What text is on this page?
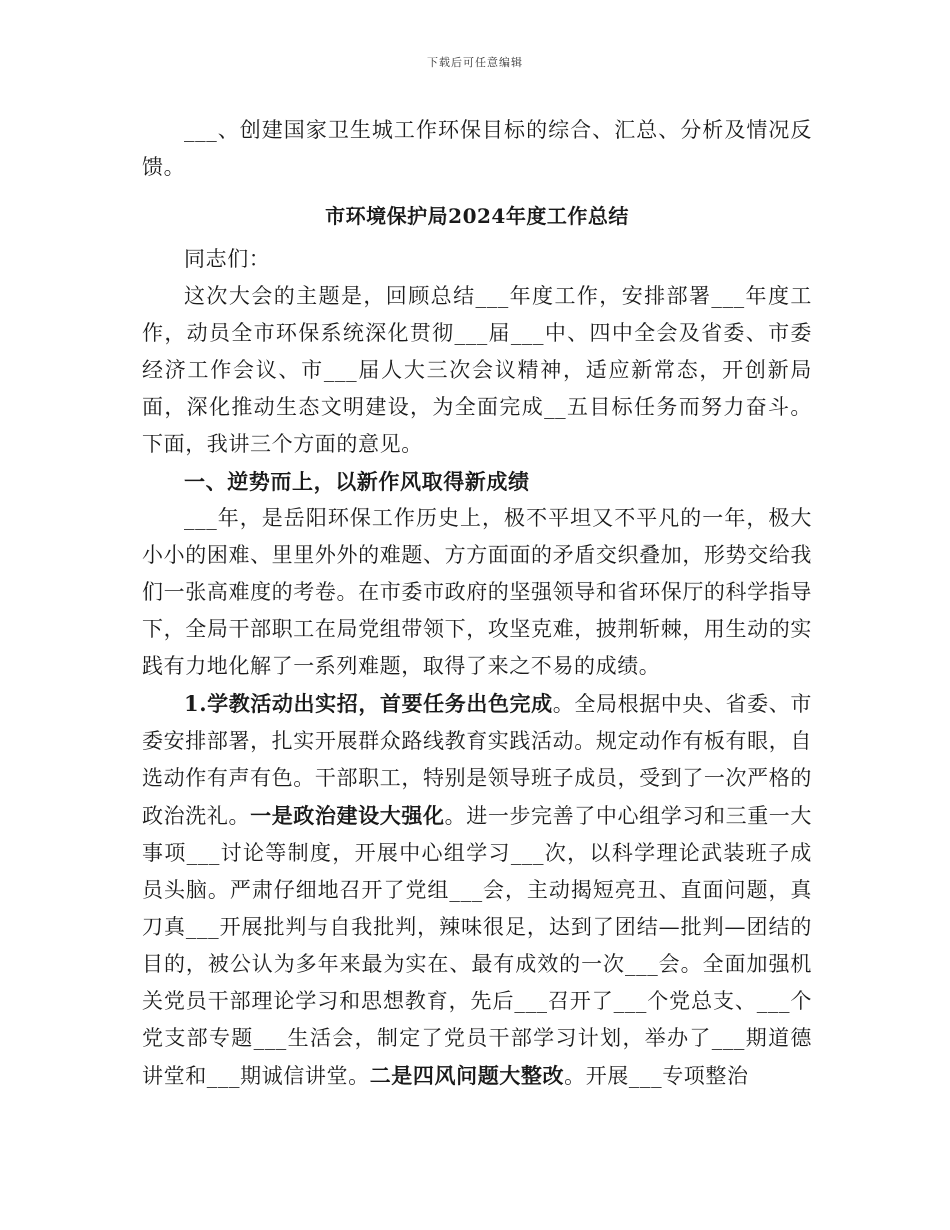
下载后可任意编辑

___、创建国家卫生城工作环保目标的综合、汇总、分析及情况反馈。

市环境保护局2024年度工作总结

同志们：

这次大会的主题是，回顾总结___年度工作，安排部署___年度工作，动员全市环保系统深化贯彻___届___中、四中全会及省委、市委经济工作会议、市___届人大三次会议精神，适应新常态，开创新局面，深化推动生态文明建设，为全面完成__五目标任务而努力奋斗。下面，我讲三个方面的意见。

一、逆势而上，以新作风取得新成绩

___年，是岳阳环保工作历史上，极不平坦又不平凡的一年，极大小小的困难、里里外外的难题、方方面面的矛盾交织叠加，形势交给我们一张高难度的考卷。在市委市政府的坚强领导和省环保厅的科学指导下，全局干部职工在局党组带领下，攻坚克难，披荆斩棘，用生动的实践有力地化解了一系列难题，取得了来之不易的成绩。

1.学教活动出实招，首要任务出色完成。全局根据中央、省委、市委安排部署，扎实开展群众路线教育实践活动。规定动作有板有眼，自选动作有声有色。干部职工，特别是领导班子成员，受到了一次严格的政治洗礼。一是政治建设大强化。进一步完善了中心组学习和三重一大事项___讨论等制度，开展中心组学习___次，以科学理论武装班子成员头脑。严肃仔细地召开了党组___会，主动揭短亮丑、直面问题，真刀真___开展批判与自我批判，辣味很足，达到了团结—批判—团结的目的，被公认为多年来最为实在、最有成效的一次___会。全面加强机关党员干部理论学习和思想教育，先后___召开了___个党总支、___个党支部专题___生活会，制定了党员干部学习计划，举办了___期道德讲堂和___期诚信讲堂。二是四风问题大整改。开展___专项整治
